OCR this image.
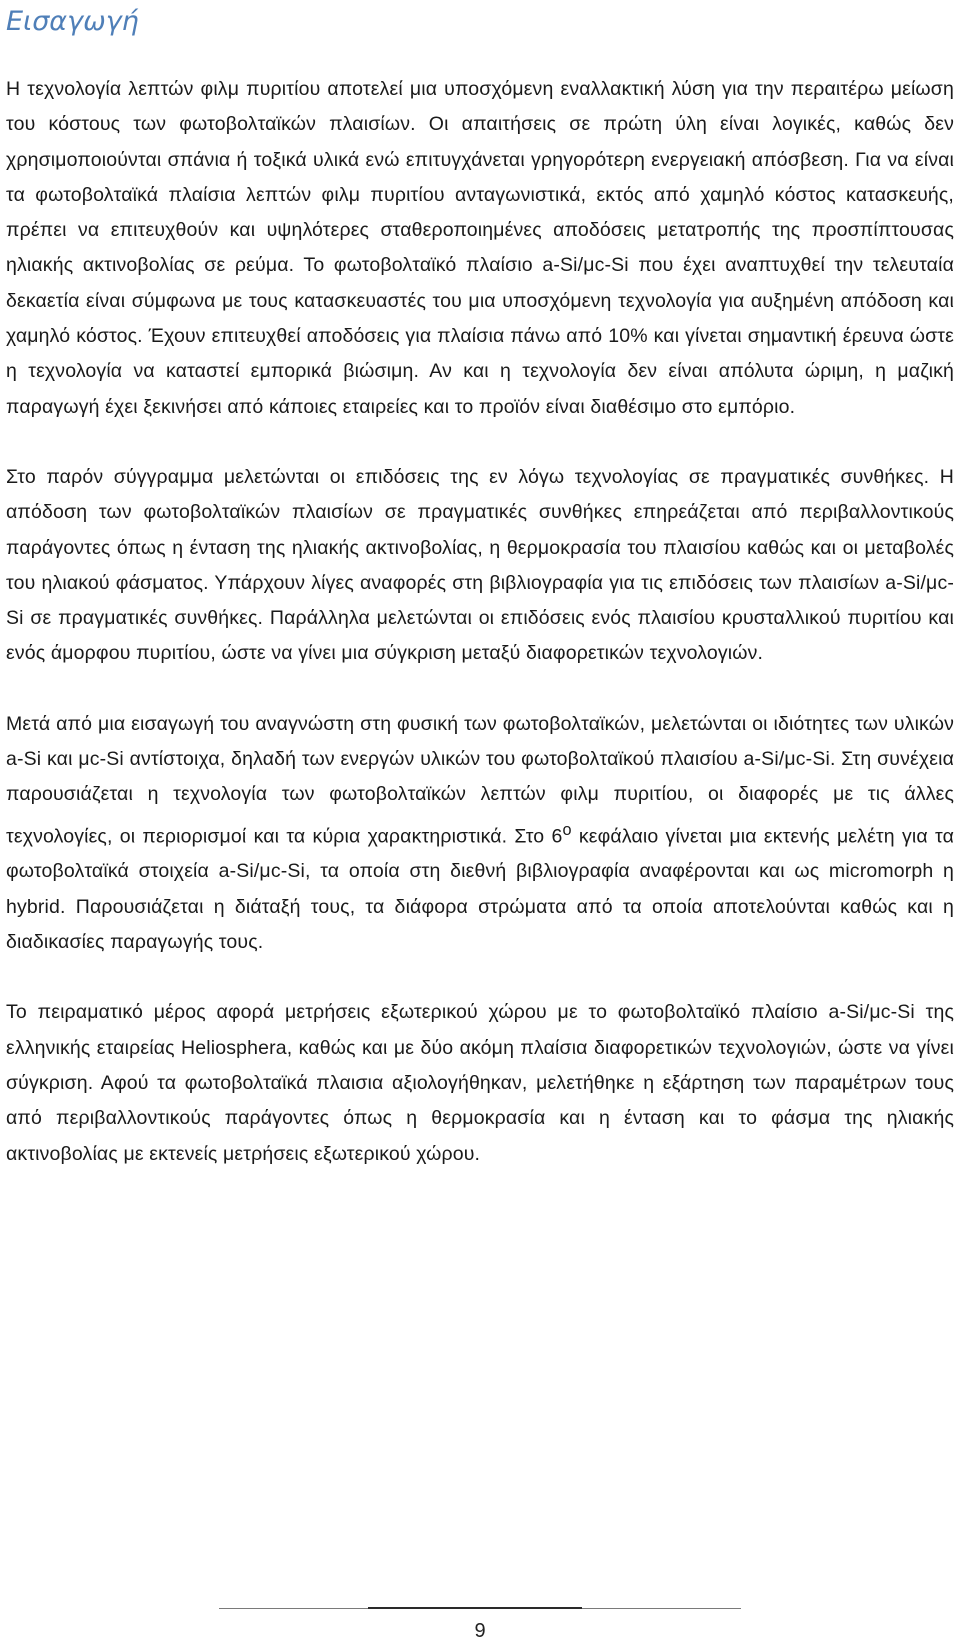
Εισαγωγή

Η τεχνολογία λεπτών φιλμ πυριτίου αποτελεί μια υποσχόμενη εναλλακτική λύση για την περαιτέρω μείωση του κόστους των φωτοβολταϊκών πλαισίων. Οι απαιτήσεις σε πρώτη ύλη είναι λογικές, καθώς δεν χρησιμοποιούνται σπάνια ή τοξικά υλικά ενώ επιτυγχάνεται γρηγορότερη ενεργειακή απόσβεση. Για να είναι τα φωτοβολταϊκά πλαίσια λεπτών φιλμ πυριτίου ανταγωνιστικά, εκτός από χαμηλό κόστος κατασκευής, πρέπει να επιτευχθούν και υψηλότερες σταθεροποιημένες αποδόσεις μετατροπής της προσπίπτουσας ηλιακής ακτινοβολίας σε ρεύμα. Το φωτοβολταϊκό πλαίσιο a-Si/μc-Si που έχει αναπτυχθεί την τελευταία δεκαετία είναι σύμφωνα με τους κατασκευαστές του μια υποσχόμενη τεχνολογία για αυξημένη απόδοση και χαμηλό κόστος. Έχουν επιτευχθεί αποδόσεις για πλαίσια πάνω από 10% και γίνεται σημαντική έρευνα ώστε η τεχνολογία να καταστεί εμπορικά βιώσιμη. Αν και η τεχνολογία δεν είναι απόλυτα ώριμη, η μαζική παραγωγή έχει ξεκινήσει από κάποιες εταιρείες και το προϊόν είναι διαθέσιμο στο εμπόριο.

Στο παρόν σύγγραμμα μελετώνται οι επιδόσεις της εν λόγω τεχνολογίας σε πραγματικές συνθήκες. Η απόδοση των φωτοβολταϊκών πλαισίων σε πραγματικές συνθήκες επηρεάζεται από περιβαλλοντικούς παράγοντες όπως η ένταση της ηλιακής ακτινοβολίας, η θερμοκρασία του πλαισίου καθώς και οι μεταβολές του ηλιακού φάσματος. Υπάρχουν λίγες αναφορές στη βιβλιογραφία για τις επιδόσεις των πλαισίων a-Si/μc-Si σε πραγματικές συνθήκες. Παράλληλα μελετώνται οι επιδόσεις ενός πλαισίου κρυσταλλικού πυριτίου και ενός άμορφου πυριτίου, ώστε να γίνει μια σύγκριση μεταξύ διαφορετικών τεχνολογιών.

Μετά από μια εισαγωγή του αναγνώστη στη φυσική των φωτοβολταϊκών, μελετώνται οι ιδιότητες των υλικών a-Si και μc-Si αντίστοιχα, δηλαδή των ενεργών υλικών του φωτοβολταϊκού πλαισίου a-Si/μc-Si. Στη συνέχεια παρουσιάζεται η τεχνολογία των φωτοβολταϊκών λεπτών φιλμ πυριτίου, οι διαφορές με τις άλλες τεχνολογίες, οι περιορισμοί και τα κύρια χαρακτηριστικά. Στο $6^o$ κεφάλαιο γίνεται μια εκτενής μελέτη για τα φωτοβολταϊκά στοιχεία a-Si/μc-Si, τα οποία στη διεθνή βιβλιογραφία αναφέρονται και ως micromorph η hybrid. Παρουσιάζεται η διάταξή τους, τα διάφορα στρώματα από τα οποία αποτελούνται καθώς και η διαδικασίες παραγωγής τους.

Το πειραματικό μέρος αφορά μετρήσεις εξωτερικού χώρου με το φωτοβολταϊκό πλαίσιο a-Si/μc-Si της ελληνικής εταιρείας Heliosphera, καθώς και με δύο ακόμη πλαίσια διαφορετικών τεχνολογιών, ώστε να γίνει σύγκριση. Αφού τα φωτοβολταϊκά πλαισια αξιολογήθηκαν, μελετήθηκε η εξάρτηση των παραμέτρων τους από περιβαλλοντικούς παράγοντες όπως η θερμοκρασία και η ένταση και το φάσμα της ηλιακής ακτινοβολίας με εκτενείς μετρήσεις εξωτερικού χώρου.

9
